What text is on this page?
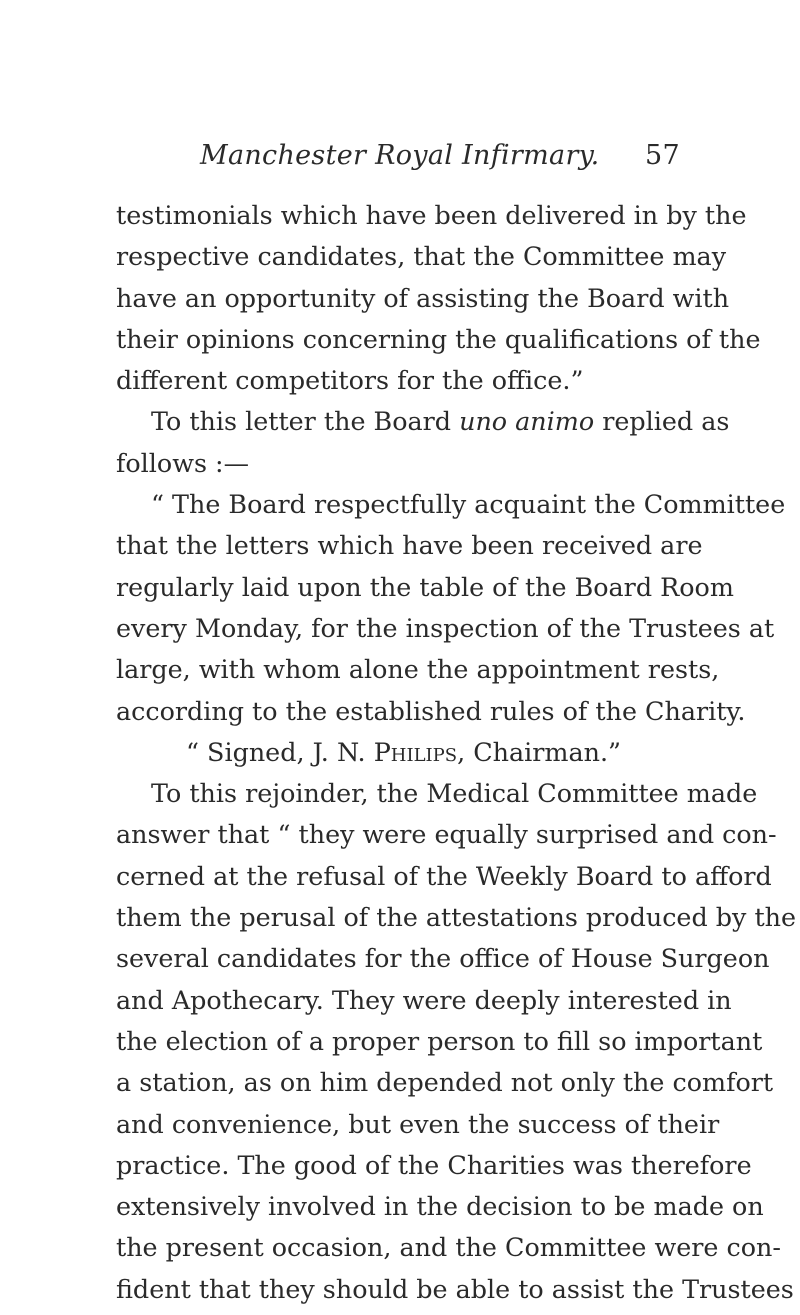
Manchester Royal Infirmary. 57
testimonials which have been delivered in by the
respective candidates, that the Committee may
have an opportunity of assisting the Board with
their opinions concerning the qualifications of the
different competitors for the office.”
To this letter the Board uno animo replied as
follows :—
“ The Board respectfully acquaint the Committee
that the letters which have been received are
regularly laid upon the table of the Board Room
every Monday, for the inspection of the Trustees at
large, with whom alone the appointment rests,
according to the established rules of the Charity.
“ Signed, J. N. Philips, Chairman.”
To this rejoinder, the Medical Committee made
answer that “ they were equally surprised and con-
cerned at the refusal of the Weekly Board to afford
them the perusal of the attestations produced by the
several candidates for the office of House Surgeon
and Apothecary. They were deeply interested in
the election of a proper person to fill so important
a station, as on him depended not only the comfort
and convenience, but even the success of their
practice. The good of the Charities was therefore
extensively involved in the decision to be made on
the present occasion, and the Committee were con-
fident that they should be able to assist the Trustees
